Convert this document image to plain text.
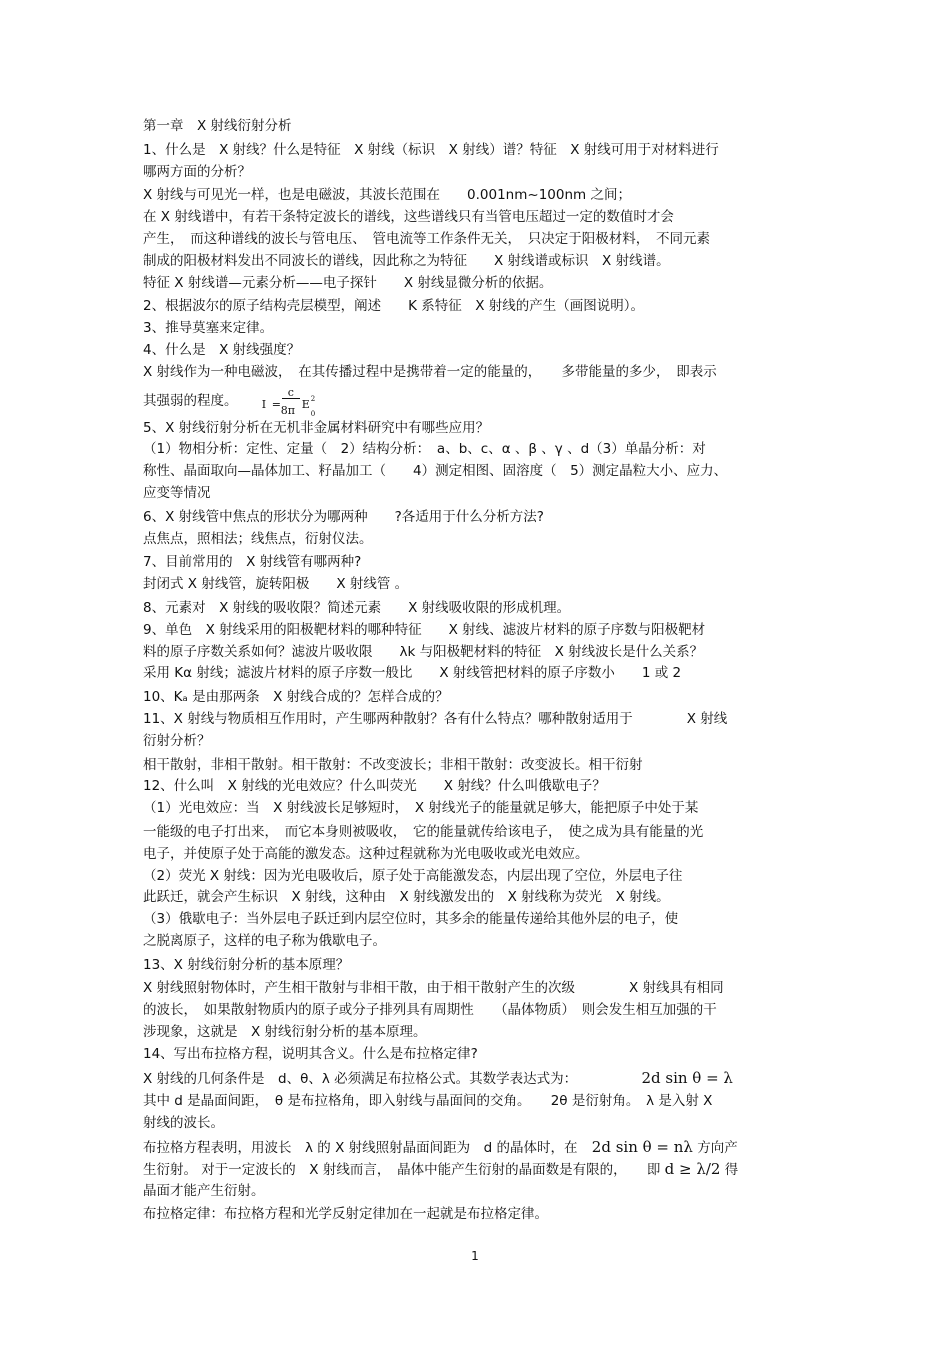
第一章　X 射线衍射分析
1、什么是　X 射线？什么是特征　X 射线（标识　X 射线）谱？特征　X 射线可用于对材料进行
哪两方面的分析？
X 射线与可见光一样，也是电磁波，其波长范围在　　0.001nm~100nm 之间；
在 X 射线谱中，有若干条特定波长的谱线，这些谱线只有当管电压超过一定的数值时才会
产生，　而这种谱线的波长与管电压、　管电流等工作条件无关，　只决定于阳极材料，　不同元素
制成的阳极材料发出不同波长的谱线，因此称之为特征　　X 射线谱或标识　X 射线谱。
特征 X 射线谱—元素分析——电子探针　　X 射线显微分析的依据。
2、根据波尔的原子结构壳层模型，阐述　　K 系特征　X 射线的产生（画图说明）。
3、推导莫塞来定律。
4、什么是　X 射线强度？
X 射线作为一种电磁波，　在其传播过程中是携带着一定的能量的，　　多带能量的多少，　即表示
其强弱的程度。 I =
c
8π E 2
0
5、X 射线衍射分析在无机非金属材料研究中有哪些应用？
（1）物相分析：定性、定量（　2）结构分析：　a、b、c、α 、β 、γ 、d（3）单晶分析：对
称性、晶面取向—晶体加工、籽晶加工（　　4）测定相图、固溶度（　5）测定晶粒大小、应力、
应变等情况
6、X 射线管中焦点的形状分为哪两种　　?各适用于什么分析方法?
点焦点，照相法；线焦点，衍射仪法。
7、目前常用的　X 射线管有哪两种?
封闭式 X 射线管，旋转阳极　　X 射线管 。
8、元素对　X 射线的吸收限？简述元素　　X 射线吸收限的形成机理。
9、单色　X 射线采用的阳极靶材料的哪种特征　　X 射线、滤波片材料的原子序数与阳极靶材
料的原子序数关系如何？滤波片吸收限　　λk 与阳极靶材料的特征　X 射线波长是什么关系？
采用 Kα 射线；滤波片材料的原子序数一般比　　X 射线管把材料的原子序数小　　1 或 2
10、Kₐ 是由那两条　X 射线合成的？怎样合成的？
11、X 射线与物质相互作用时，产生哪两种散射？各有什么特点？哪种散射适用于　　　　X 射线
衍射分析？
相干散射，非相干散射。相干散射：不改变波长；非相干散射：改变波长。相干衍射
12、什么叫　X 射线的光电效应？什么叫荧光　　X 射线？什么叫俄歇电子？
（1）光电效应：当　X 射线波长足够短时，　X 射线光子的能量就足够大，能把原子中处于某
一能级的电子打出来，　而它本身则被吸收，　它的能量就传给该电子，　使之成为具有能量的光
电子，并使原子处于高能的激发态。这种过程就称为光电吸收或光电效应。
（2）荧光 X 射线：因为光电吸收后，原子处于高能激发态，内层出现了空位，外层电子往
此跃迁，就会产生标识　X 射线，这种由　X 射线激发出的　X 射线称为荧光　X 射线。
（3）俄歇电子：当外层电子跃迁到内层空位时，其多余的能量传递给其他外层的电子，使
之脱离原子，这样的电子称为俄歇电子。
13、X 射线衍射分析的基本原理？
X 射线照射物体时，产生相干散射与非相干散，由于相干散射产生的次级　　　　X 射线具有相同
的波长，　如果散射物质内的原子或分子排列具有周期性　　（晶体物质）　则会发生相互加强的干
涉现象，这就是　X 射线衍射分析的基本原理。
14、写出布拉格方程，说明其含义。什么是布拉格定律?
X 射线的几何条件是　d、θ、λ 必须满足布拉格公式。其数学表达式为：	2d sin θ = λ
其中 d 是晶面间距，　θ 是布拉格角，即入射线与晶面间的交角。　　2θ 是衍射角。　λ 是入射 X
射线的波长。
布拉格方程表明，用波长　λ 的 X 射线照射晶面间距为　d 的晶体时，在 2d sin θ = nλ 方向产
生衍射。 对于一定波长的　X 射线而言，　晶体中能产生衍射的晶面数是有限的，　　即 d ≥ λ/2 得
晶面才能产生衍射。
布拉格定律：布拉格方程和光学反射定律加在一起就是布拉格定律。
1
